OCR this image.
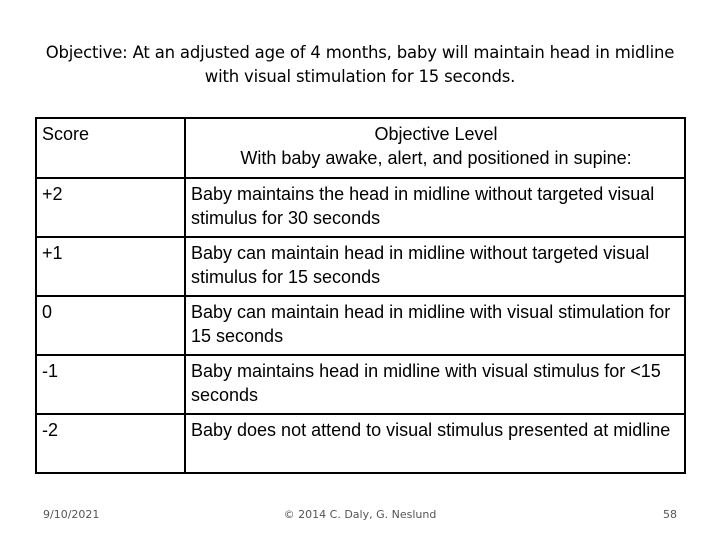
Objective: At an adjusted age of 4 months, baby will maintain head in midline
with visual stimulation for 15 seconds.
Score	Objective Level
With baby awake, alert, and positioned in supine:

+2	Baby maintains the head in midline without targeted visual stimulus for 30 seconds
+1	Baby can maintain head in midline without targeted visual stimulus for 15 seconds
0	Baby can maintain head in midline with visual stimulation for 15 seconds
-1	Baby maintains head in midline with visual stimulus for <15 seconds
-2	Baby does not attend to visual stimulus presented at midline
9/10/2021	© 2014 C. Daly, G. Neslund	58
